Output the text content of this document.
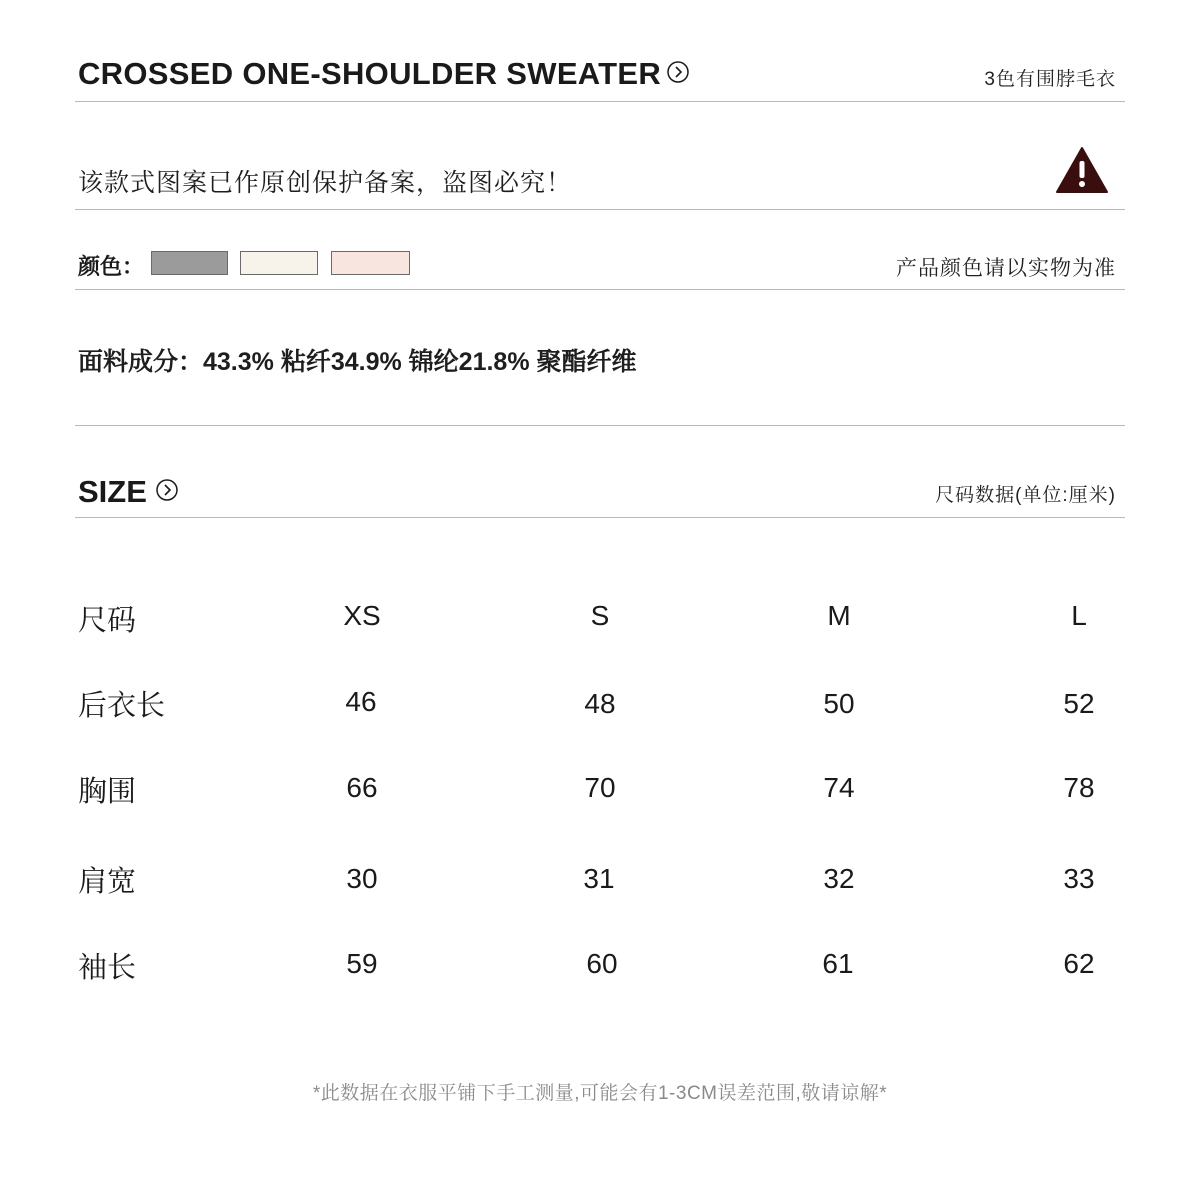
CROSSED ONE-SHOULDER SWEATER	3色有围脖毛衣
该款式图案已作原创保护备案，盗图必究！
颜色：	产品颜色请以实物为准
面料成分：43.3% 粘纤34.9% 锦纶21.8% 聚酯纤维
SIZE	尺码数据(单位:厘米)
尺码	XS	S	M	L
后衣长	46	48	50	52
胸围	66	70	74	78
肩宽	30	31	32	33
袖长	59	60	61	62
*此数据在衣服平铺下手工测量,可能会有1-3CM误差范围,敬请谅解*
